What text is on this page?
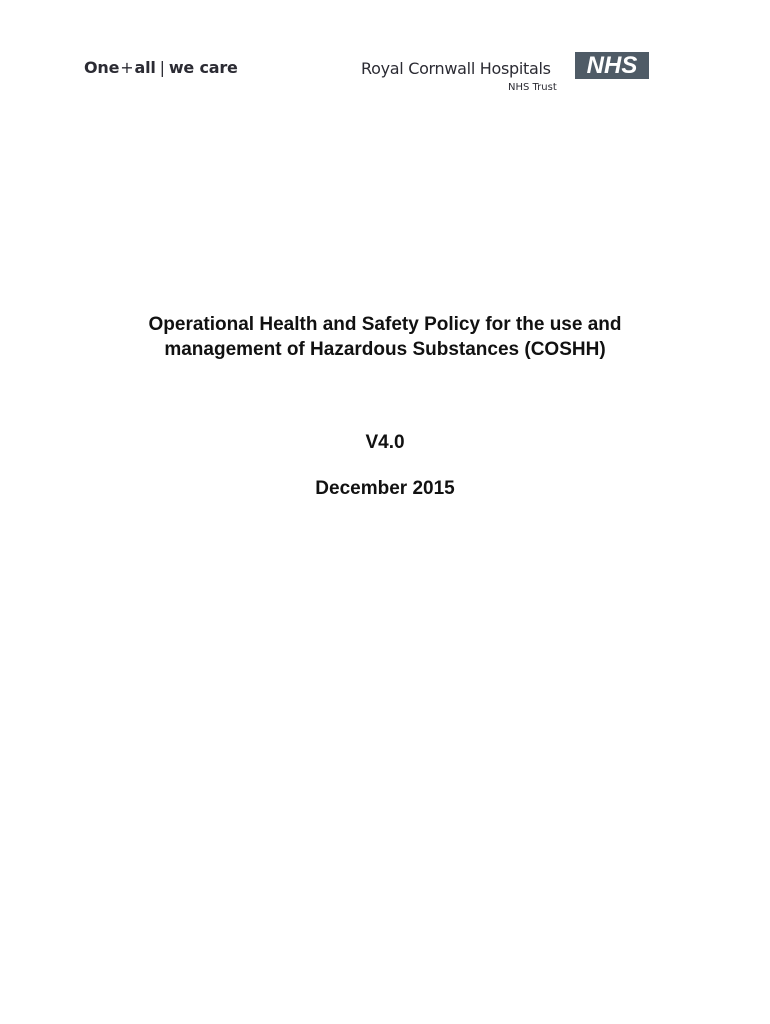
One+all | we care	Royal Cornwall Hospitals
NHS Trust
NHS

Operational Health and Safety Policy for the use and

management of Hazardous Substances (COSHH)

V4.0
December 2015
